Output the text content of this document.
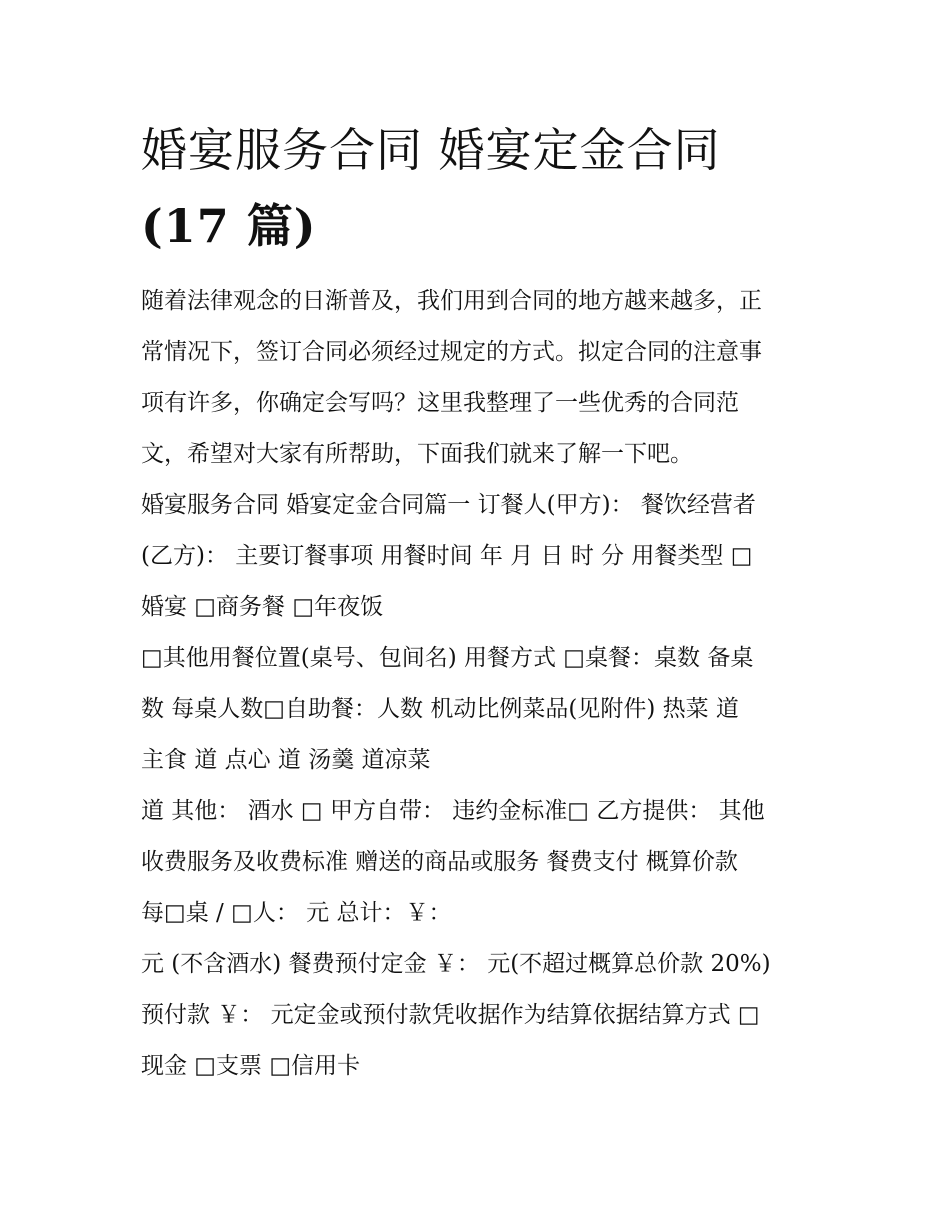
婚宴服务合同 婚宴定金合同
(17 篇)
随着法律观念的日渐普及，我们用到合同的地方越来越多，正
常情况下，签订合同必须经过规定的方式。拟定合同的注意事
项有许多，你确定会写吗？这里我整理了一些优秀的合同范
文，希望对大家有所帮助，下面我们就来了解一下吧。
婚宴服务合同 婚宴定金合同篇一 订餐人(甲方)： 餐饮经营者
(乙方)： 主要订餐事项 用餐时间 年 月 日 时 分 用餐类型 □
婚宴 □商务餐 □年夜饭
□其他用餐位置(桌号、包间名) 用餐方式 □桌餐：桌数 备桌
数 每桌人数□自助餐：人数 机动比例菜品(见附件) 热菜 道
主食 道 点心 道 汤羹 道凉菜
道 其他： 酒水 □ 甲方自带： 违约金标准□ 乙方提供： 其他
收费服务及收费标准 赠送的商品或服务 餐费支付 概算价款
每□桌 / □人： 元 总计：￥：
元 (不含酒水) 餐费预付定金 ￥： 元(不超过概算总价款 20%)
预付款 ￥： 元定金或预付款凭收据作为结算依据结算方式 □
现金 □支票 □信用卡
